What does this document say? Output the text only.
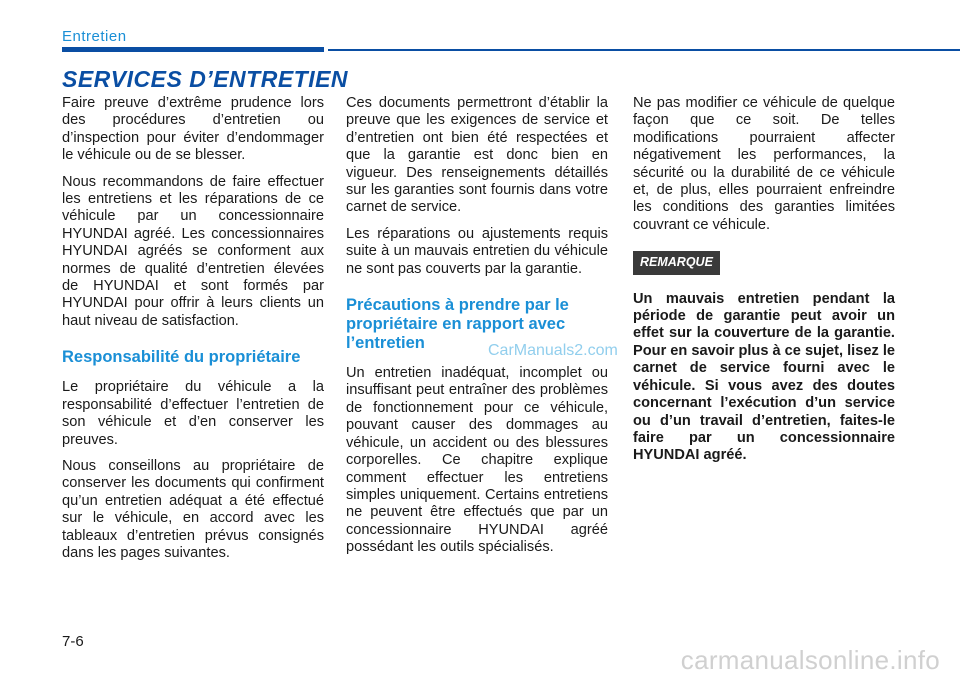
Entretien
SERVICES D’ENTRETIEN

Faire preuve d’extrême prudence lors des procédures d’entretien ou d’inspection pour éviter d’endommager le véhicule ou de se blesser.

Nous recommandons de faire effectuer les entretiens et les réparations de ce véhicule par un concessionnaire HYUNDAI agréé. Les concessionnaires HYUNDAI agréés se conforment aux normes de qualité d’entretien élevées de HYUNDAI et sont formés par HYUNDAI pour offrir à leurs clients un haut niveau de satisfaction.

Responsabilité du propriétaire

Le propriétaire du véhicule a la responsabilité d’effectuer l’entretien de son véhicule et d’en conserver les preuves.

Nous conseillons au propriétaire de conserver les documents qui confirment qu’un entretien adéquat a été effectué sur le véhicule, en accord avec les tableaux d’entretien prévus consignés dans les pages suivantes.

Ces documents permettront d’établir la preuve que les exigences de service et d’entretien ont bien été respectées et que la garantie est donc bien en vigueur. Des renseignements détaillés sur les garanties sont fournis dans votre carnet de service.

Les réparations ou ajustements requis suite à un mauvais entretien du véhicule ne sont pas couverts par la garantie.

Précautions à prendre par le propriétaire en rapport avec l’entretien

Un entretien inadéquat, incomplet ou insuffisant peut entraîner des problèmes de fonctionnement pour ce véhicule, pouvant causer des dommages au véhicule, un accident ou des blessures corporelles. Ce chapitre explique comment effectuer les entretiens simples uniquement. Certains entretiens ne peuvent être effectués que par un concessionnaire HYUNDAI agréé possédant les outils spécialisés.

Ne pas modifier ce véhicule de quelque façon que ce soit. De telles modifications pourraient affecter négativement les performances, la sécurité ou la durabilité de ce véhicule et, de plus, elles pourraient enfreindre les conditions des garanties limitées couvrant ce véhicule.

REMARQUE

Un mauvais entretien pendant la période de garantie peut avoir un effet sur la couverture de la garantie. Pour en savoir plus à ce sujet, lisez le carnet de service fourni avec le véhicule. Si vous avez des doutes concernant l’exécution d’un service ou d’un travail d’entretien, faites-le faire par un concessionnaire HYUNDAI agréé.

CarManuals2.com
7-6
carmanualsonline.info
